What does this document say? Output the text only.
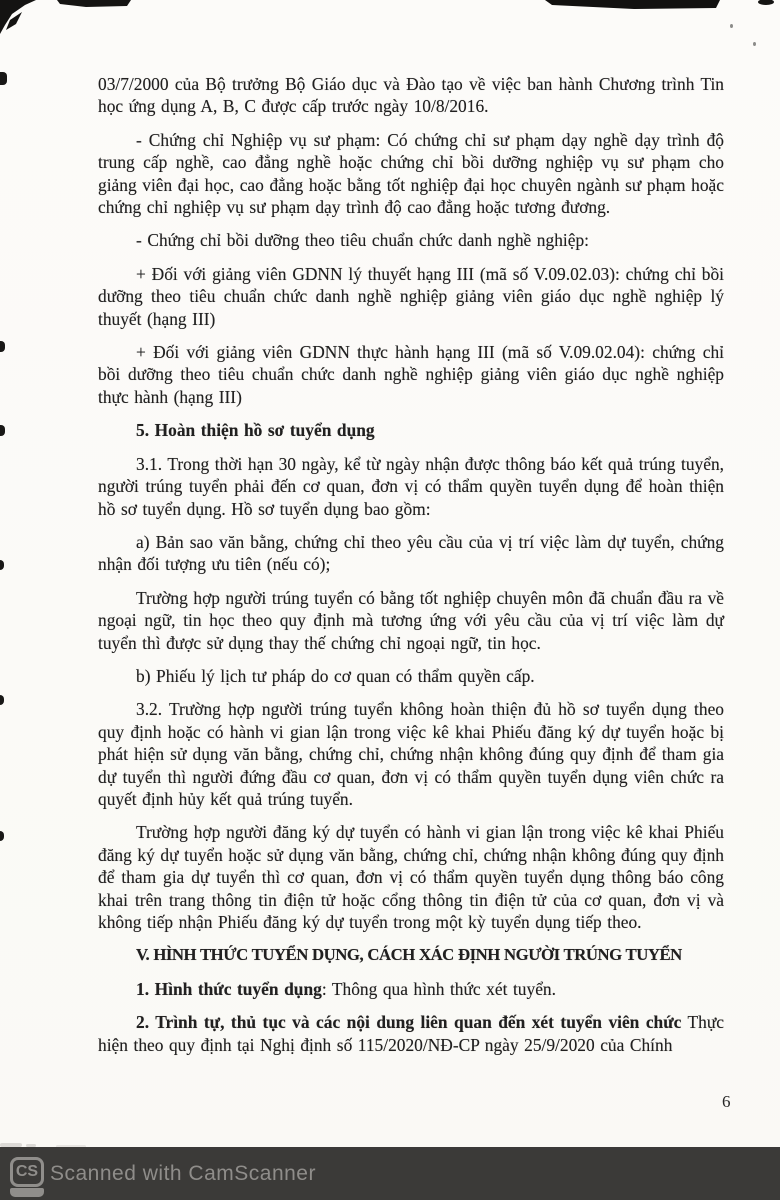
03/7/2000 của Bộ trưởng Bộ Giáo dục và Đào tạo về việc ban hành Chương trình Tin học ứng dụng A, B, C được cấp trước ngày 10/8/2016.

- Chứng chỉ Nghiệp vụ sư phạm: Có chứng chỉ sư phạm dạy nghề dạy trình độ trung cấp nghề, cao đẳng nghề hoặc chứng chỉ bồi dưỡng nghiệp vụ sư phạm cho giảng viên đại học, cao đẳng hoặc bằng tốt nghiệp đại học chuyên ngành sư phạm hoặc chứng chỉ nghiệp vụ sư phạm dạy trình độ cao đẳng hoặc tương đương.

- Chứng chỉ bồi dưỡng theo tiêu chuẩn chức danh nghề nghiệp:

+ Đối với giảng viên GDNN lý thuyết hạng III (mã số V.09.02.03): chứng chỉ bồi dưỡng theo tiêu chuẩn chức danh nghề nghiệp giảng viên giáo dục nghề nghiệp lý thuyết (hạng III)

+ Đối với giảng viên GDNN thực hành hạng III (mã số V.09.02.04): chứng chỉ bồi dưỡng theo tiêu chuẩn chức danh nghề nghiệp giảng viên giáo dục nghề nghiệp thực hành (hạng III)

5. Hoàn thiện hồ sơ tuyển dụng

3.1. Trong thời hạn 30 ngày, kể từ ngày nhận được thông báo kết quả trúng tuyển, người trúng tuyển phải đến cơ quan, đơn vị có thẩm quyền tuyển dụng để hoàn thiện hồ sơ tuyển dụng. Hồ sơ tuyển dụng bao gồm:

a) Bản sao văn bằng, chứng chỉ theo yêu cầu của vị trí việc làm dự tuyển, chứng nhận đối tượng ưu tiên (nếu có);

Trường hợp người trúng tuyển có bằng tốt nghiệp chuyên môn đã chuẩn đầu ra về ngoại ngữ, tin học theo quy định mà tương ứng với yêu cầu của vị trí việc làm dự tuyển thì được sử dụng thay thế chứng chỉ ngoại ngữ, tin học.

b) Phiếu lý lịch tư pháp do cơ quan có thẩm quyền cấp.

3.2. Trường hợp người trúng tuyển không hoàn thiện đủ hồ sơ tuyển dụng theo quy định hoặc có hành vi gian lận trong việc kê khai Phiếu đăng ký dự tuyển hoặc bị phát hiện sử dụng văn bằng, chứng chỉ, chứng nhận không đúng quy định để tham gia dự tuyển thì người đứng đầu cơ quan, đơn vị có thẩm quyền tuyển dụng viên chức ra quyết định hủy kết quả trúng tuyển.

Trường hợp người đăng ký dự tuyển có hành vi gian lận trong việc kê khai Phiếu đăng ký dự tuyển hoặc sử dụng văn bằng, chứng chỉ, chứng nhận không đúng quy định để tham gia dự tuyển thì cơ quan, đơn vị có thẩm quyền tuyển dụng thông báo công khai trên trang thông tin điện tử hoặc cổng thông tin điện tử của cơ quan, đơn vị và không tiếp nhận Phiếu đăng ký dự tuyển trong một kỳ tuyển dụng tiếp theo.

V. HÌNH THỨC TUYỂN DỤNG, CÁCH XÁC ĐỊNH NGƯỜI TRÚNG TUYỂN

1. Hình thức tuyển dụng: Thông qua hình thức xét tuyển.

2. Trình tự, thủ tục và các nội dung liên quan đến xét tuyển viên chức Thực hiện theo quy định tại Nghị định số 115/2020/NĐ-CP ngày 25/9/2020 của Chính

6
CS Scanned with CamScanner
